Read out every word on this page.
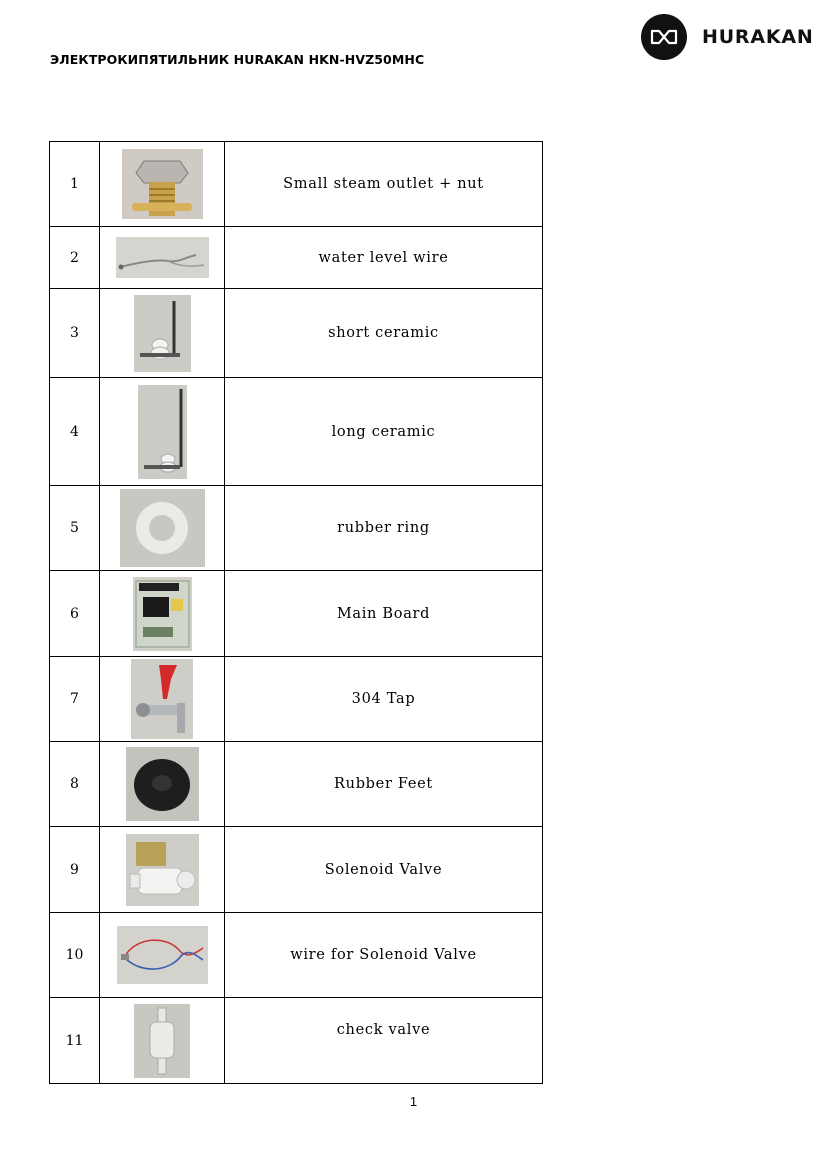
ЭЛЕКТРОКИПЯТИЛЬНИК HURAKAN HKN-HVZ50MHC
HURAKAN
1		Small steam outlet + nut
2		water level wire
3		short ceramic
4		long ceramic
5		rubber ring
6		Main Board
7		304 Tap
8		Rubber Feet
9		Solenoid Valve
10		wire for Solenoid Valve
11		check valve
1
